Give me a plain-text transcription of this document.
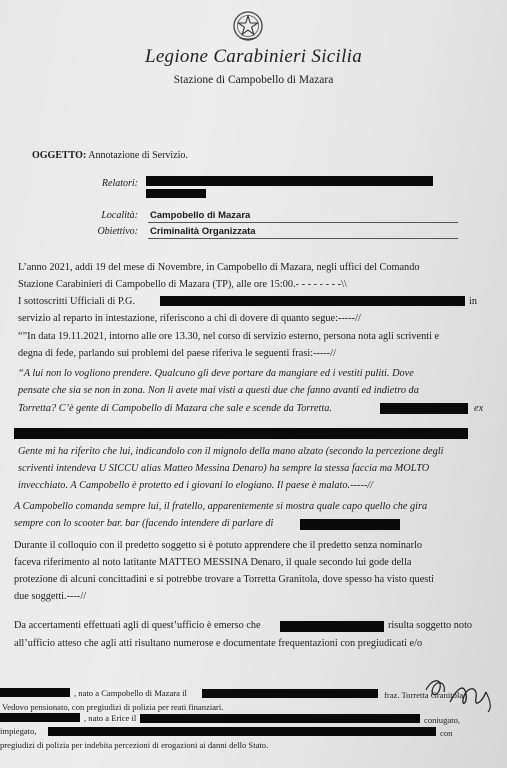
Legione Carabinieri Sicilia
Stazione di Campobello di Mazara
OGGETTO: Annotazione di Servizio.
Relatori:
Località: Campobello di Mazara
Obiettivo: Criminalità Organizzata
L’anno 2021, addì 19 del mese di Novembre, in Campobello di Mazara, negli uffici del Comando
Stazione Carabinieri di Campobello di Mazara (TP), alle ore 15:00.- - - - - - - -\\
I sottoscritti Ufficiali di P.G.	in
servizio al reparto in intestazione, riferiscono a chi di dovere di quanto segue:-----//
“”In data 19.11.2021, intorno alle ore 13.30, nel corso di servizio esterno, persona nota agli scriventi e
degna di fede, parlando sui problemi del paese riferiva le seguenti frasi:-----//
“A lui non lo vogliono prendere. Qualcuno gli deve portare da mangiare ed i vestiti puliti. Dove
pensate che sia se non in zona. Non li avete mai visti a questi due che fanno avanti ed indietro da
Torretta? C’è gente di Campobello di Mazara che sale e scende da Torretta.	ex
Gente mi ha riferito che lui, indicandolo con il mignolo della mano alzato (secondo la percezione degli
scriventi intendeva U SICCU alias Matteo Messina Denaro) ha sempre la stessa faccia ma MOLTO
invecchiato. A Campobello è protetto ed i giovani lo elogiano. Il paese è malato.-----//
A Campobello comanda sempre lui, il fratello, apparentemente si mostra quale capo quello che gira
sempre con lo scooter bar. bar (facendo intendere di parlare di
Durante il colloquio con il predetto soggetto si è potuto apprendere che il predetto senza nominarlo
faceva riferimento al noto latitante MATTEO MESSINA Denaro, il quale secondo lui gode della
protezione di alcuni concittadini e si potrebbe trovare a Torretta Granitola, dove spesso ha visto questi
due soggetti.----//
Da accertamenti effettuati agli di quest’ufficio è emerso che	risulta soggetto noto
all’ufficio atteso che agli atti risultano numerose e documentate frequentazioni con pregiudicati e/o
, nato a Campobello di Mazara il	fraz. Torretta Granitola
Vedovo pensionato, con pregiudizi di polizia per reati finanziari.
, nato a Erice il	coniugato,
impiegato,	con
pregiudizi di polizia per indebita percezioni di erogazioni ai danni dello Stato.
